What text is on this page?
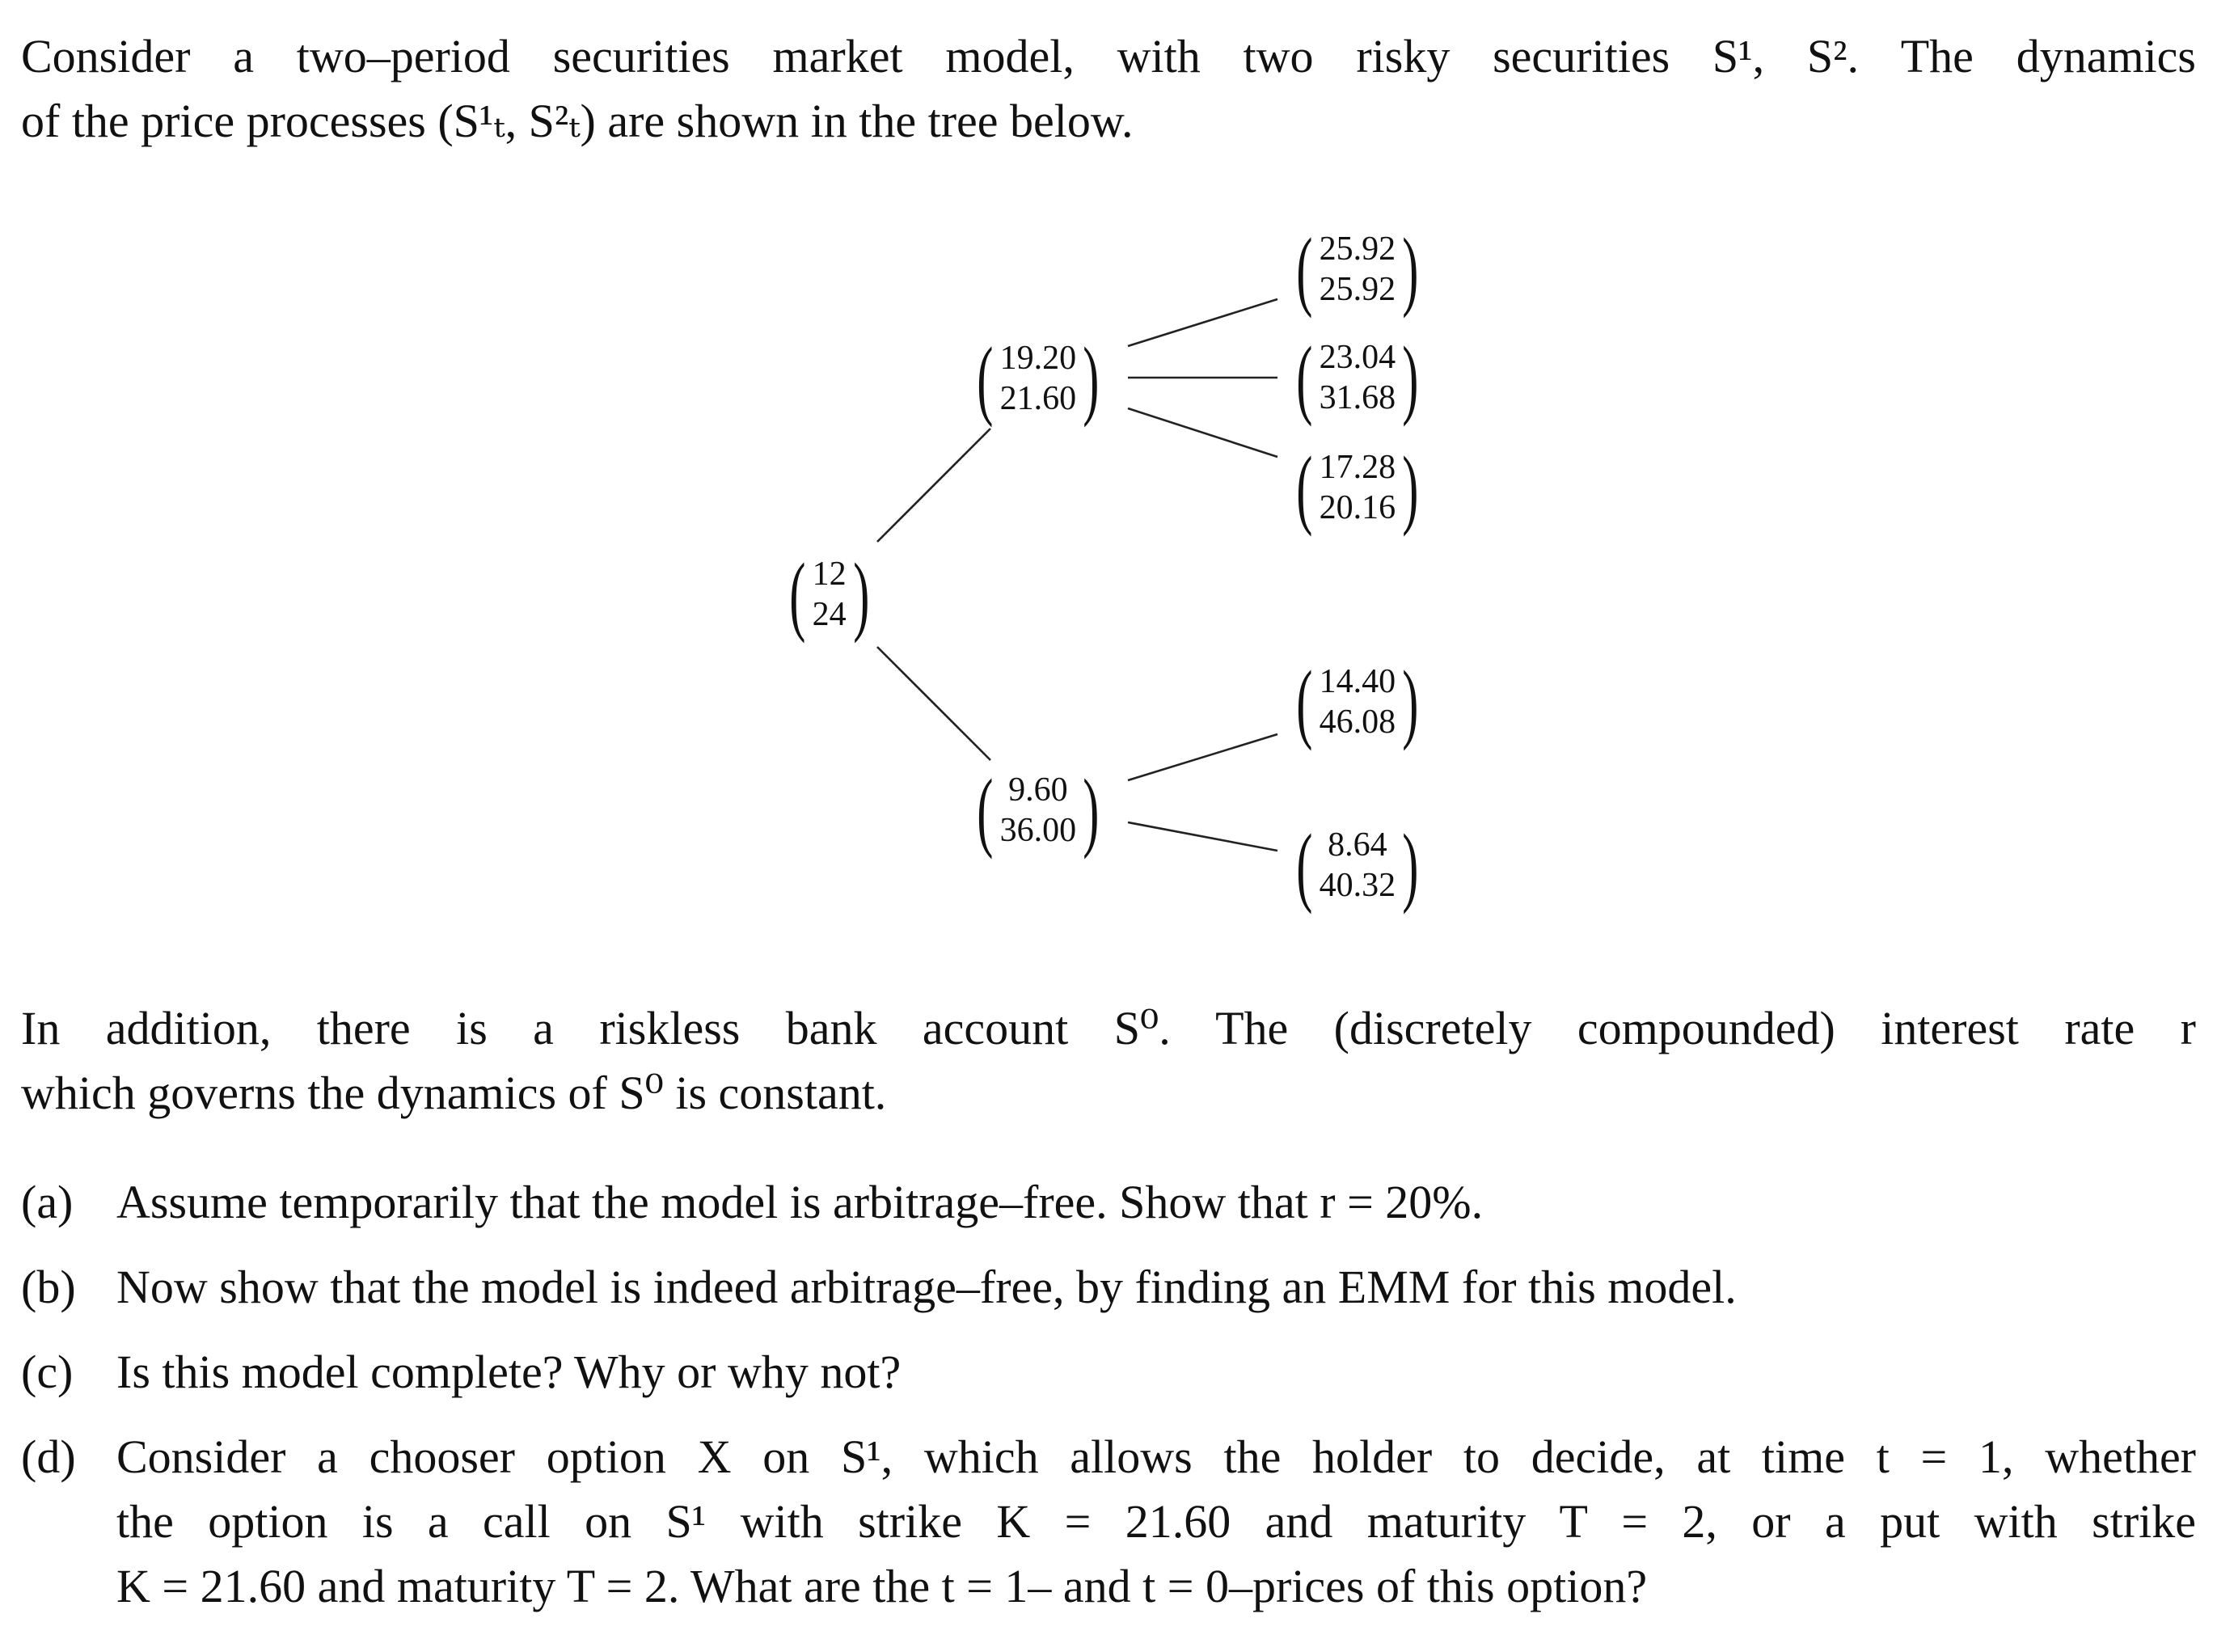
Consider a two–period securities market model, with two risky securities S¹, S². The dynamics
of the price processes (S¹ₜ, S²ₜ) are shown in the tree below.
( 12
24 )
( 19.20
21.60 )
( 9.60
36.00 )
( 25.92
25.92 )
( 23.04
31.68 )
( 17.28
20.16 )
( 14.40
46.08 )
( 8.64
40.32 )
In addition, there is a riskless bank account S⁰. The (discretely compounded) interest rate r
which governs the dynamics of S⁰ is constant.
(a) Assume temporarily that the model is arbitrage–free. Show that r = 20%.
(b) Now show that the model is indeed arbitrage–free, by finding an EMM for this model.
(c) Is this model complete? Why or why not?
(d) Consider a chooser option X on S¹, which allows the holder to decide, at time t = 1, whether
the option is a call on S¹ with strike K = 21.60 and maturity T = 2, or a put with strike
K = 21.60 and maturity T = 2. What are the t = 1– and t = 0–prices of this option?
